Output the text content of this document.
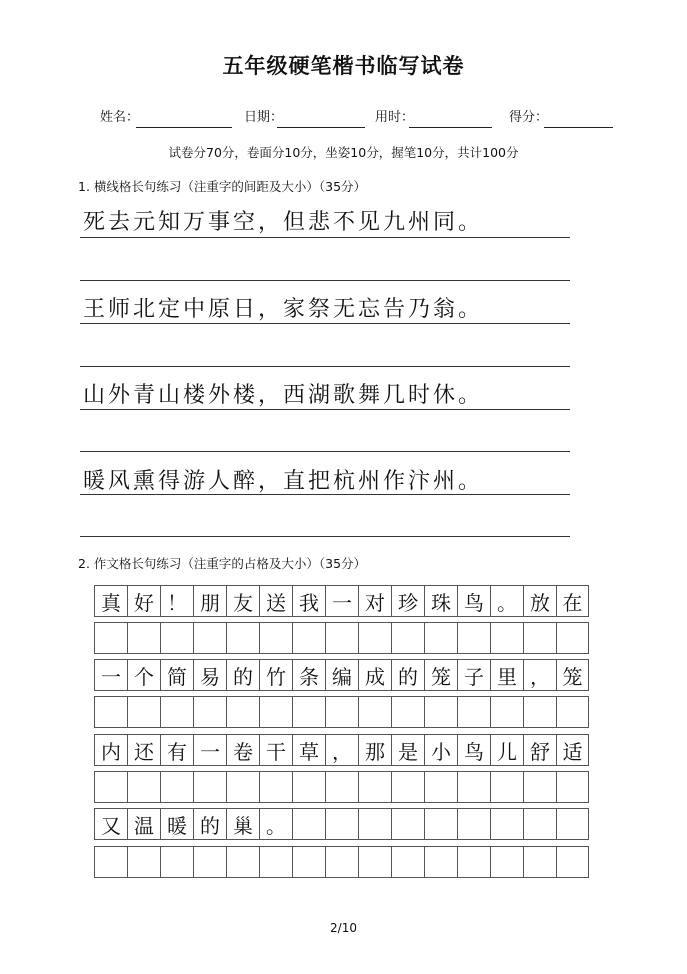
五年级硬笔楷书临写试卷
姓名：	日期：	用时：	得分：
试卷分70分，卷面分10分，坐姿10分，握笔10分，共计100分
1. 横线格长句练习（注重字的间距及大小）（35分）
死去元知万事空，但悲不见九州同。
王师北定中原日，家祭无忘告乃翁。
山外青山楼外楼，西湖歌舞几时休。
暖风熏得游人醉，直把杭州作汴州。
2. 作文格长句练习（注重字的占格及大小）（35分）
真 好 ！ 朋 友 送 我 一 对 珍 珠 鸟 。 放 在
一 个 简 易 的 竹 条 编 成 的 笼 子 里 ， 笼
内 还 有 一 卷 干 草 ， 那 是 小 鸟 儿 舒 适
又 温 暖 的 巢 。
2/10
